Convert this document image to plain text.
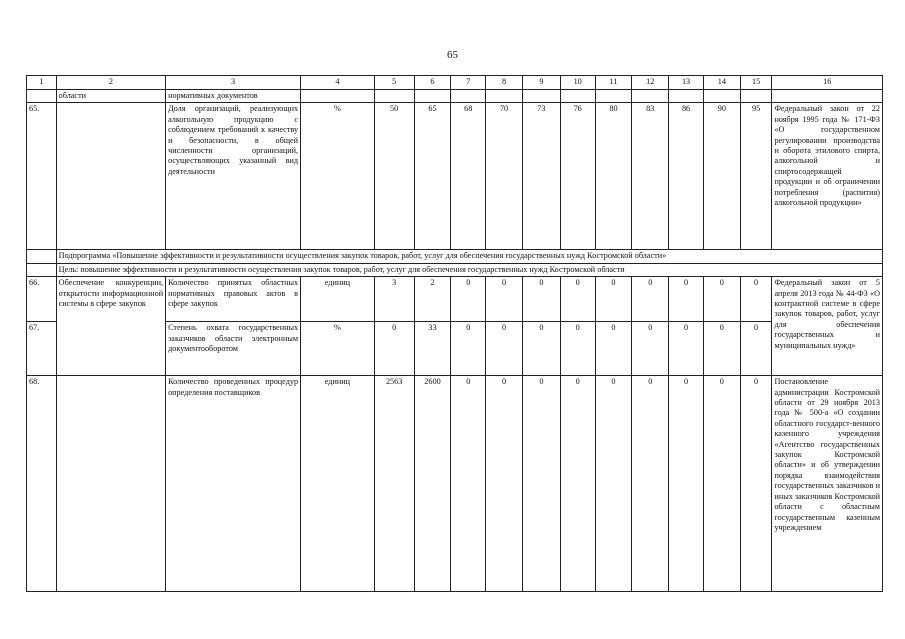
65
1	2	3	4	5	6	7	8	9	10	11	12	13	14	15	16
	области	нормативных документов													
65.		Доля организаций, реализующих алкогольную продукцию с соблюдением требований к качеству и безопасности, в общей численности организаций, осуществляющих указанный вид деятельности	%	50	65	68	70	73	76	80	83	86	90	95	Федеральный закон от 22 ноября 1995 года № 171-ФЗ «О государственном регулировании производства и оборота этилового спирта, алкогольной и спиртосодержащей продукции и об ограничении потребления (распития) алкогольной продукции»
	Подпрограмма «Повышение эффективности и результативности осуществления закупок товаров, работ, услуг для обеспечения государственных нужд Костромской области»														
	Цель: повышение эффективности и результативности осуществления закупок товаров, работ, услуг для обеспечения государственных нужд Костромской области														
66.	Обеспечение конкуренции, открытости информационной системы в сфере закупок	Количество принятых областных нормативных правовых актов в сфере закупок	единиц	3	2	0	0	0	0	0	0	0	0	0	Федеральный закон от 5 апреля 2013 года № 44-ФЗ «О контрактной системе в сфере закупок товаров, работ, услуг для обеспечения государственных и муниципальных нужд»
67.		Степень охвата государственных заказчиков области электронным документооборотом	%	0	33	0	0	0	0	0	0	0	0	0	
68.		Количество проведенных процедур определения поставщиков	единиц	2563	2600	0	0	0	0	0	0	0	0	0	Постановление администрации Костромской области от 29 ноября 2013 года № 500-а «О создании областного государст-венного казенного учреждения «Агентство государственных закупок Костромской области» и об утверждении порядка взаимодействия государственных заказчиков и иных заказчиков Костромской области с областным государственным казенным учреждением
